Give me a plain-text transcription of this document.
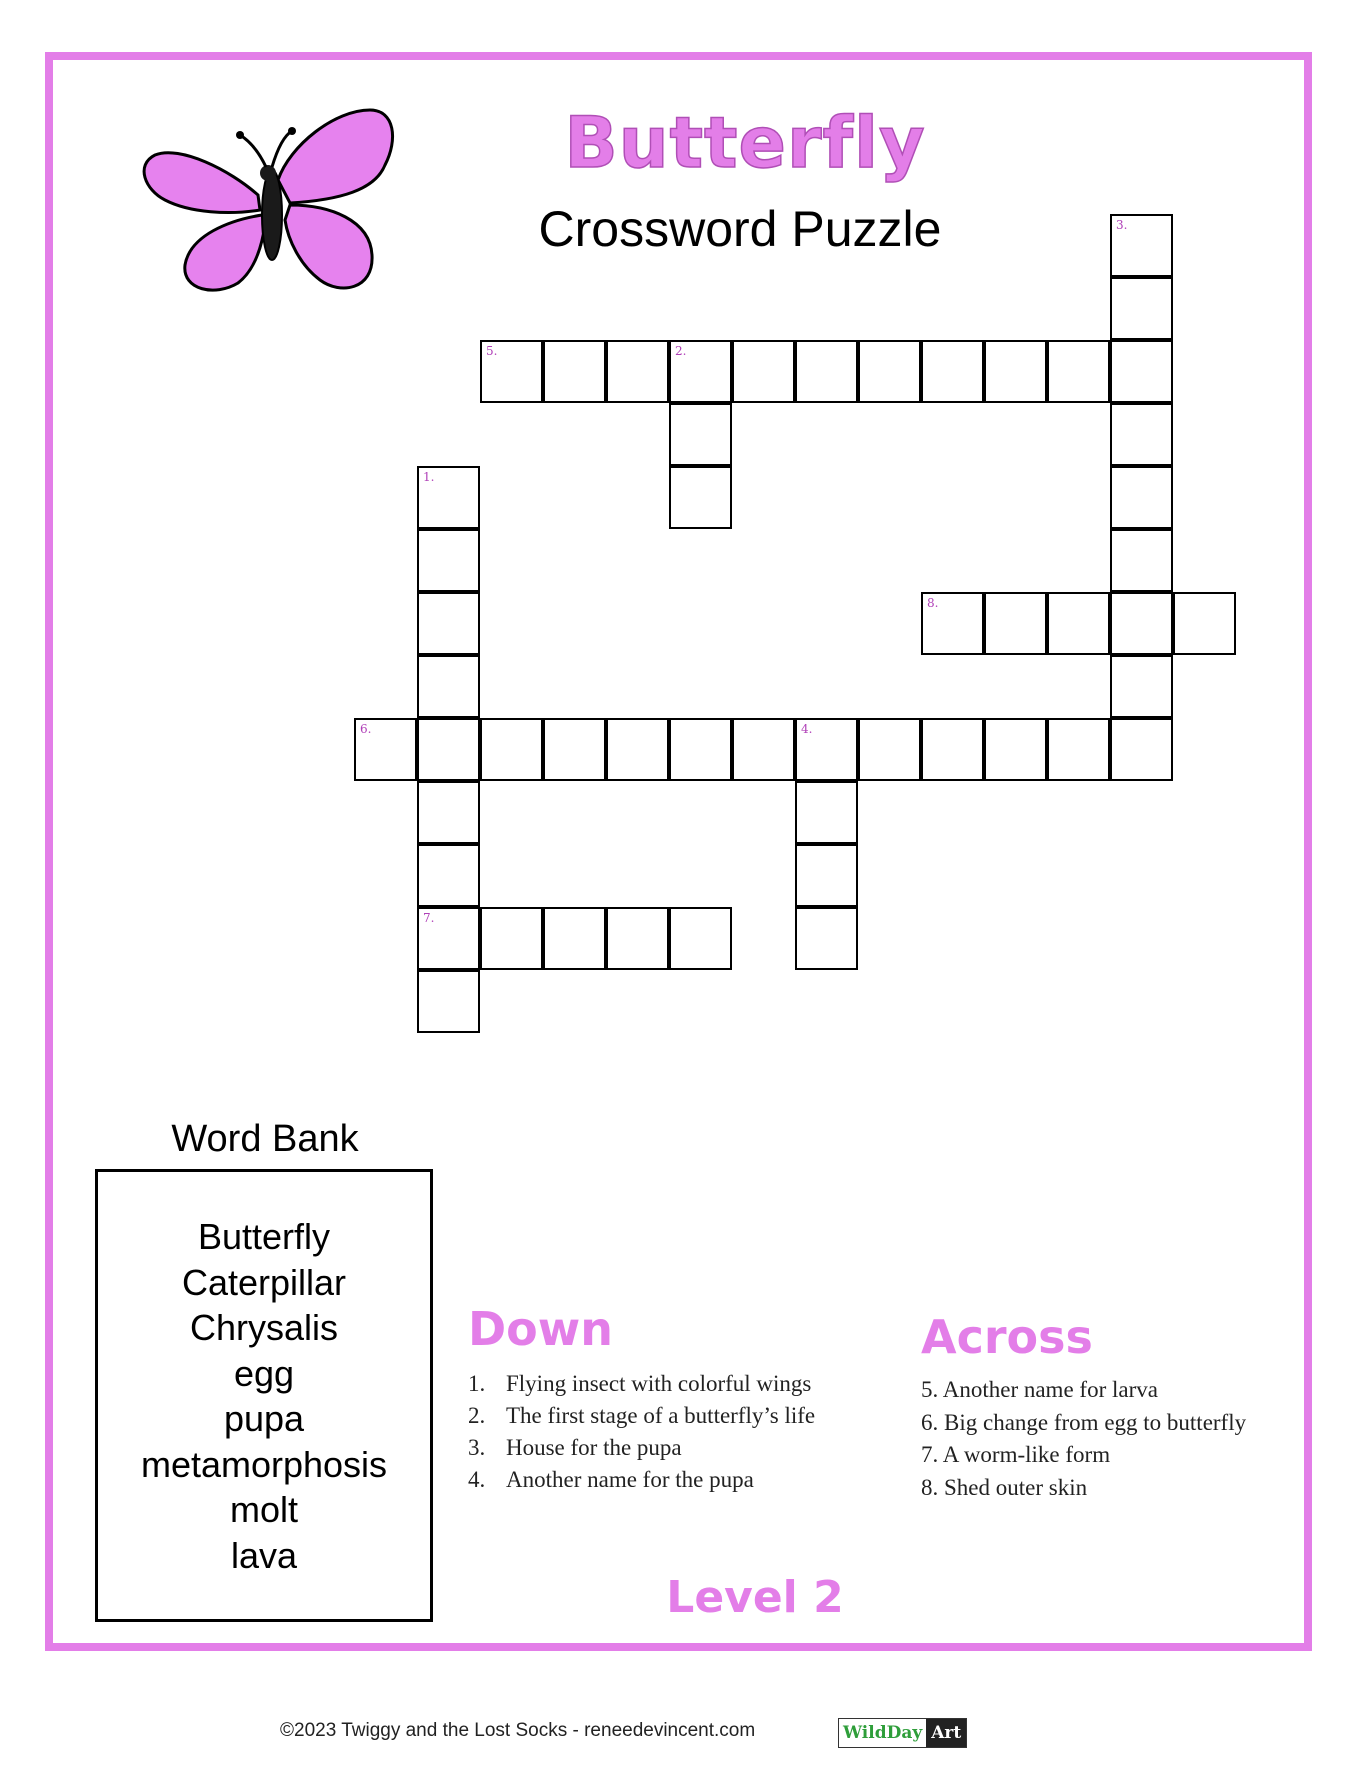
Butterfly
Crossword Puzzle
5.	2.
6.	4.
7.
8.
1.
3.
Word Bank
Butterfly
Caterpillar
Chrysalis
egg
pupa
metamorphosis
molt
lava
Down
1. Flying insect with colorful wings
2. The first stage of a butterfly’s life
3. House for the pupa
4. Another name for the pupa
Across
5. Another name for larva
6. Big change from egg to butterfly
7. A worm-like form
8. Shed outer skin
Level 2
©2023 Twiggy and the Lost Socks - reneedevincent.com	WildDay Art
